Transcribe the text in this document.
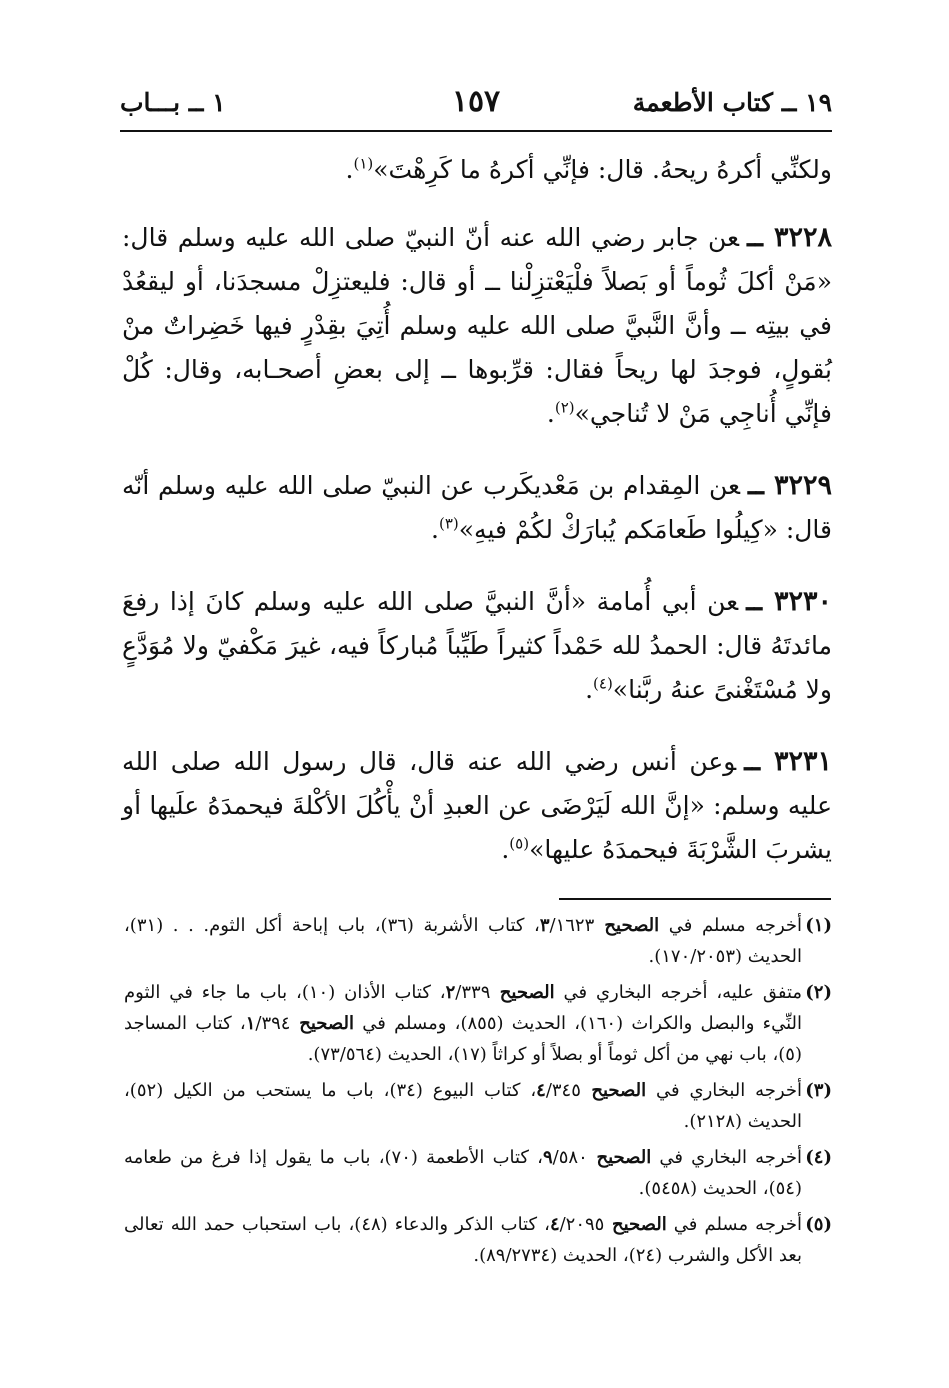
١٩ ــ كتاب الأطعمة
١٥٧
١ ــ بـــاب

ولكنِّي أكرهُ ريحهُ. قال: فإنِّي أكرهُ ما كَرِهْتَ»$^{(١)}$.

٣٢٢٨ ــعن جابر رضي الله عنه أنّ النبيّ صلى الله عليه وسلم قال: «مَنْ أكلَ ثُوماً أو بَصلاً فلْيَعْتزِلْنا ــ أو قال: فليعتزِلْ مسجدَنا، أو ليقعُدْ في بيتِه ــ وأنَّ النَّبيَّ صلى الله عليه وسلم أُتِيَ بقِدْرٍ فيها خَضِراتٌ منْ بُقولٍ، فوجدَ لها ريحاً فقال: قرِّبوها ــ إلى بعضِ أصحـابه، وقال: كُلْ فإنِّي أُناجِي مَنْ لا تُناجي»$^{(٢)}$.

٣٢٢٩ ــعن المِقدام بن مَعْديكَرب عن النبيّ صلى الله عليه وسلم أنّه قال: «كِيلُوا طَعامَكم يُبارَكْ لكُمْ فيهِ»$^{(٣)}$.

٣٢٣٠ ــعن أبي أُمامة «أنَّ النبيَّ صلى الله عليه وسلم كانَ إذا رفعَ مائدتَهُ قال: الحمدُ لله حَمْداً كثيراً طَيِّباً مُباركاً فيه، غيرَ مَكْفيّ ولا مُوَدَّعٍ ولا مُسْتَغْنىً عنهُ ربَّنا»$^{(٤)}$.

٣٢٣١ ــوعن أنس رضي الله عنه قال، قال رسول الله صلى الله عليه وسلم: «إنَّ الله لَيَرْضَى عن العبدِ أنْ يأْكُلَ الأكْلةَ فيحمدَهُ علَيها أو يشربَ الشَّرْبَةَ فيحمدَهُ عليها»$^{(٥)}$.

(١)
أخرجه مسلم في الصحيح ٣/١٦٢٣، كتاب الأشربة (٣٦)، باب إباحة أكل الثوم. . . (٣١)، الحديث (١٧٠/٢٠٥٣).
(٢)
متفق عليه، أخرجه البخاري في الصحيح ٢/٣٣٩، كتاب الأذان (١٠)، باب ما جاء في الثوم النِّيء والبصل والكراث (١٦٠)، الحديث (٨٥٥)، ومسلم في الصحيح ١/٣٩٤، كتاب المساجد (٥)، باب نهي من أكل ثوماً أو بصلاً أو كراثاً (١٧)، الحديث (٧٣/٥٦٤).
(٣)
أخرجه البخاري في الصحيح ٤/٣٤٥، كتاب البيوع (٣٤)، باب ما يستحب من الكيل (٥٢)، الحديث (٢١٢٨).
(٤)
أخرجه البخاري في الصحيح ٩/٥٨٠، كتاب الأطعمة (٧٠)، باب ما يقول إذا فرغ من طعامه (٥٤)، الحديث (٥٤٥٨).
(٥)
أخرجه مسلم في الصحيح ٤/٢٠٩٥، كتاب الذكر والدعاء (٤٨)، باب استحباب حمد الله تعالى بعد الأكل والشرب (٢٤)، الحديث (٨٩/٢٧٣٤).
